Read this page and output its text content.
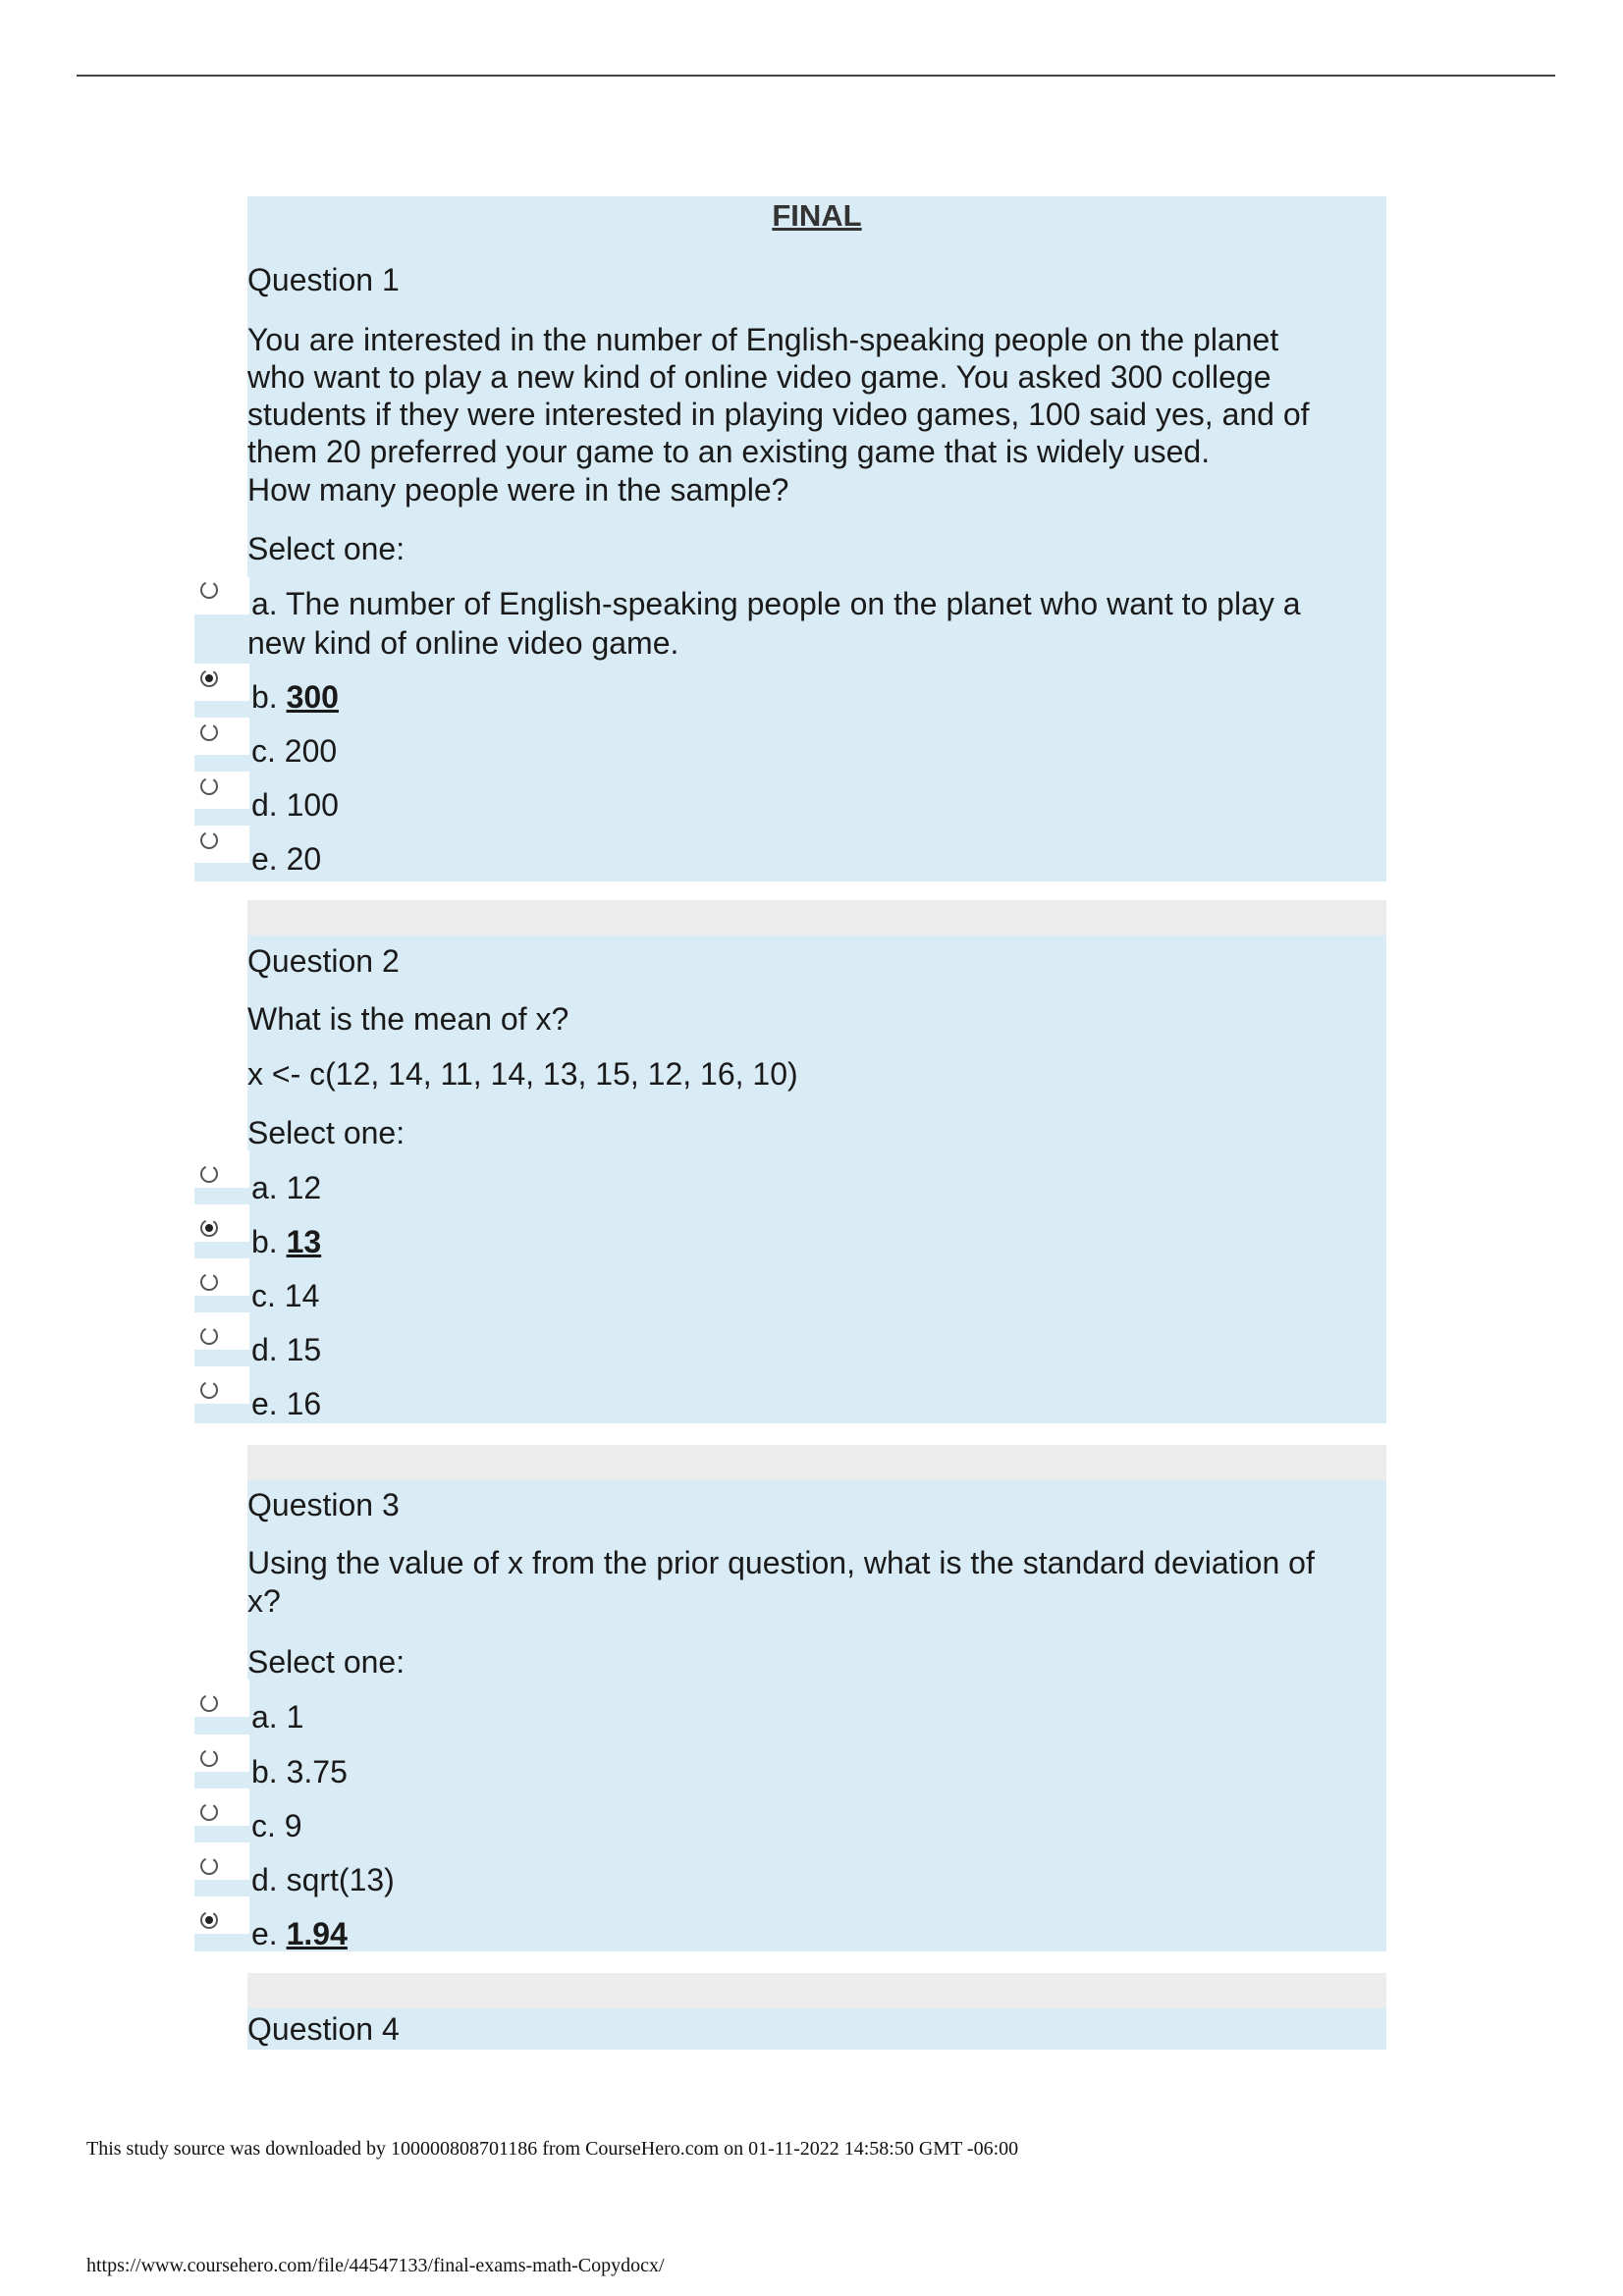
FINAL
Question 1
You are interested in the number of English-speaking people on the planet
who want to play a new kind of online video game. You asked 300 college
students if they were interested in playing video games, 100 said yes, and of
them 20 preferred your game to an existing game that is widely used.
How many people were in the sample?
Select one:
a. The number of English-speaking people on the planet who want to play a
new kind of online video game.
b. 300
c. 200
d. 100
e. 20
Question 2
What is the mean of x?
x <- c(12, 14, 11, 14, 13, 15, 12, 16, 10)
Select one:
a. 12
b. 13
c. 14
d. 15
e. 16
Question 3
Using the value of x from the prior question, what is the standard deviation of
x?
Select one:
a. 1
b. 3.75
c. 9
d. sqrt(13)
e. 1.94
Question 4
This study source was downloaded by 100000808701186 from CourseHero.com on 01-11-2022 14:58:50 GMT -06:00
https://www.coursehero.com/file/44547133/final-exams-math-Copydocx/
